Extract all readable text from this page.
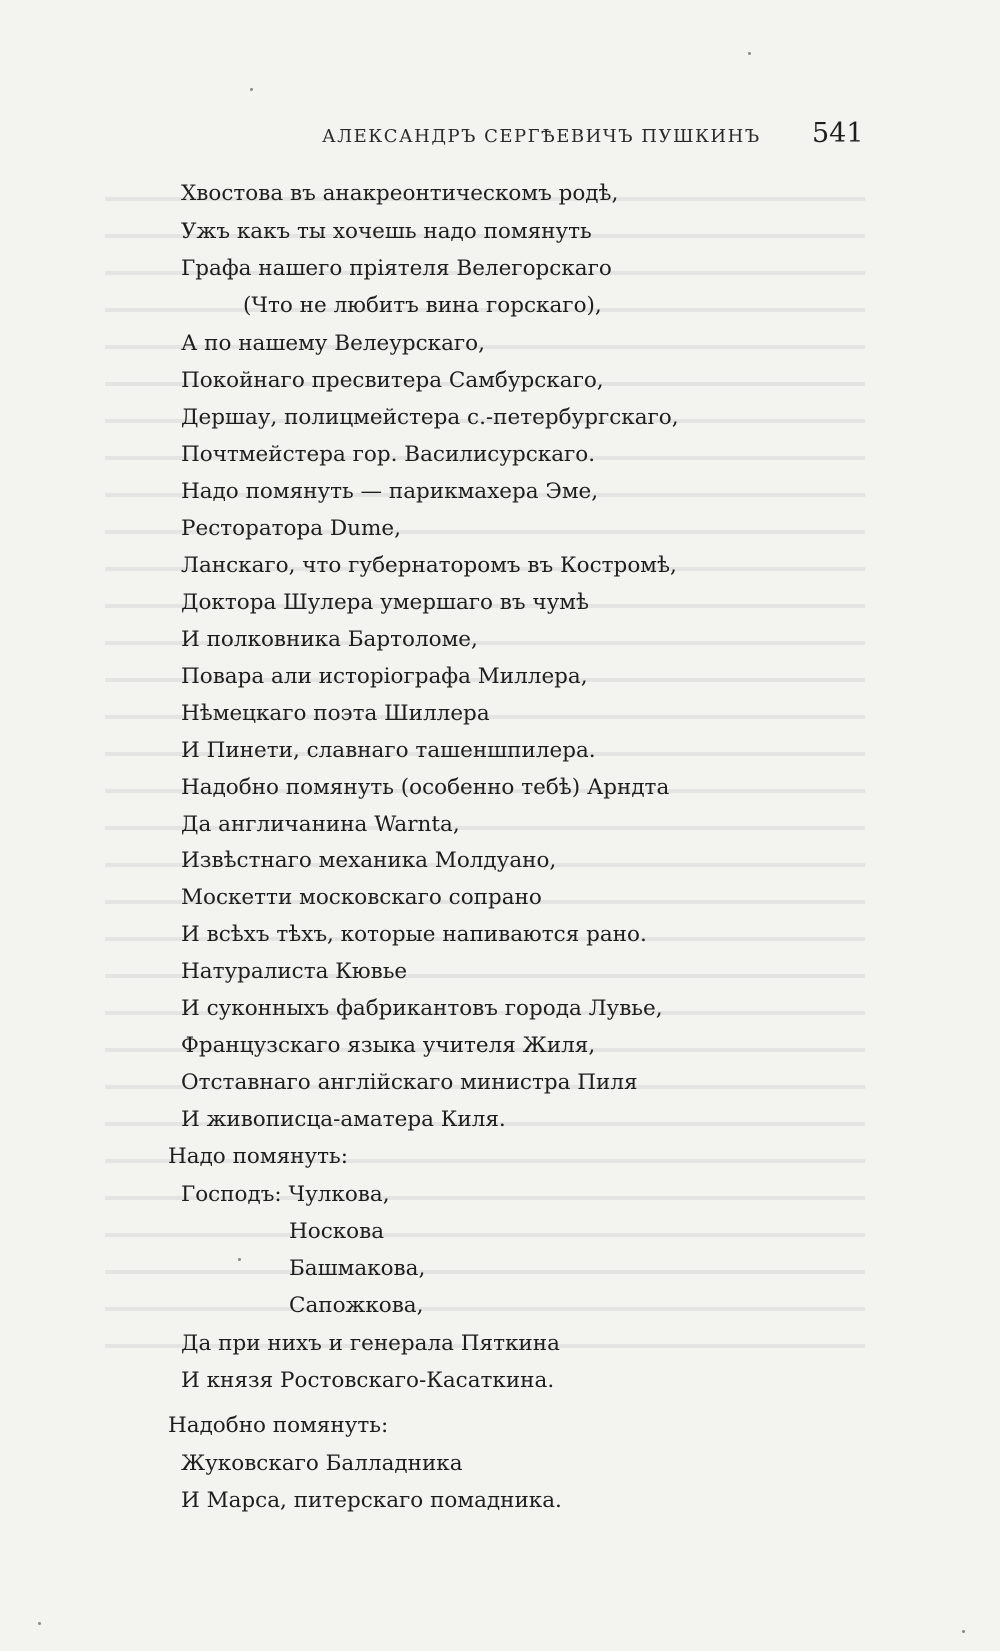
АЛЕКСАНДРЪ СЕРГѢЕВИЧЪ ПУШКИНЪ 541
Хвостова въ анакреонтическомъ родѣ,
Ужъ какъ ты хочешь надо помянуть
Графа нашего пріятеля Велегорскаго
(Что не любитъ вина горскаго),
А по нашему Велеурскаго,
Покойнаго пресвитера Самбурскаго,
Дершау, полицмейстера с.-петербургскаго,
Почтмейстера гор. Василисурскаго.
Надо помянуть — парикмахера Эме,
Ресторатора Dume,
Ланскаго, что губернаторомъ въ Костромѣ,
Доктора Шулера умершаго въ чумѣ
И полковника Бартоломе,
Повара али исторіографа Миллера,
Нѣмецкаго поэта Шиллера
И Пинети, славнаго ташеншпилера.
Надобно помянуть (особенно тебѣ) Арндта
Да англичанина Warnta,
Извѣстнаго механика Молдуано,
Москетти московскаго сопрано
И всѣхъ тѣхъ, которые напиваются рано.
Натуралиста Кювье
И суконныхъ фабрикантовъ города Лувье,
Французскаго языка учителя Жиля,
Отставнаго англійскаго министра Пиля
И живописца-аматера Киля.
Надо помянуть:
Господъ: Чулкова,
Носкова
Башмакова,
Сапожкова,
Да при нихъ и генерала Пяткина
И князя Ростовскаго-Касаткина.
Надобно помянуть:
Жуковскаго Балладника
И Марса, питерскаго помадника.
